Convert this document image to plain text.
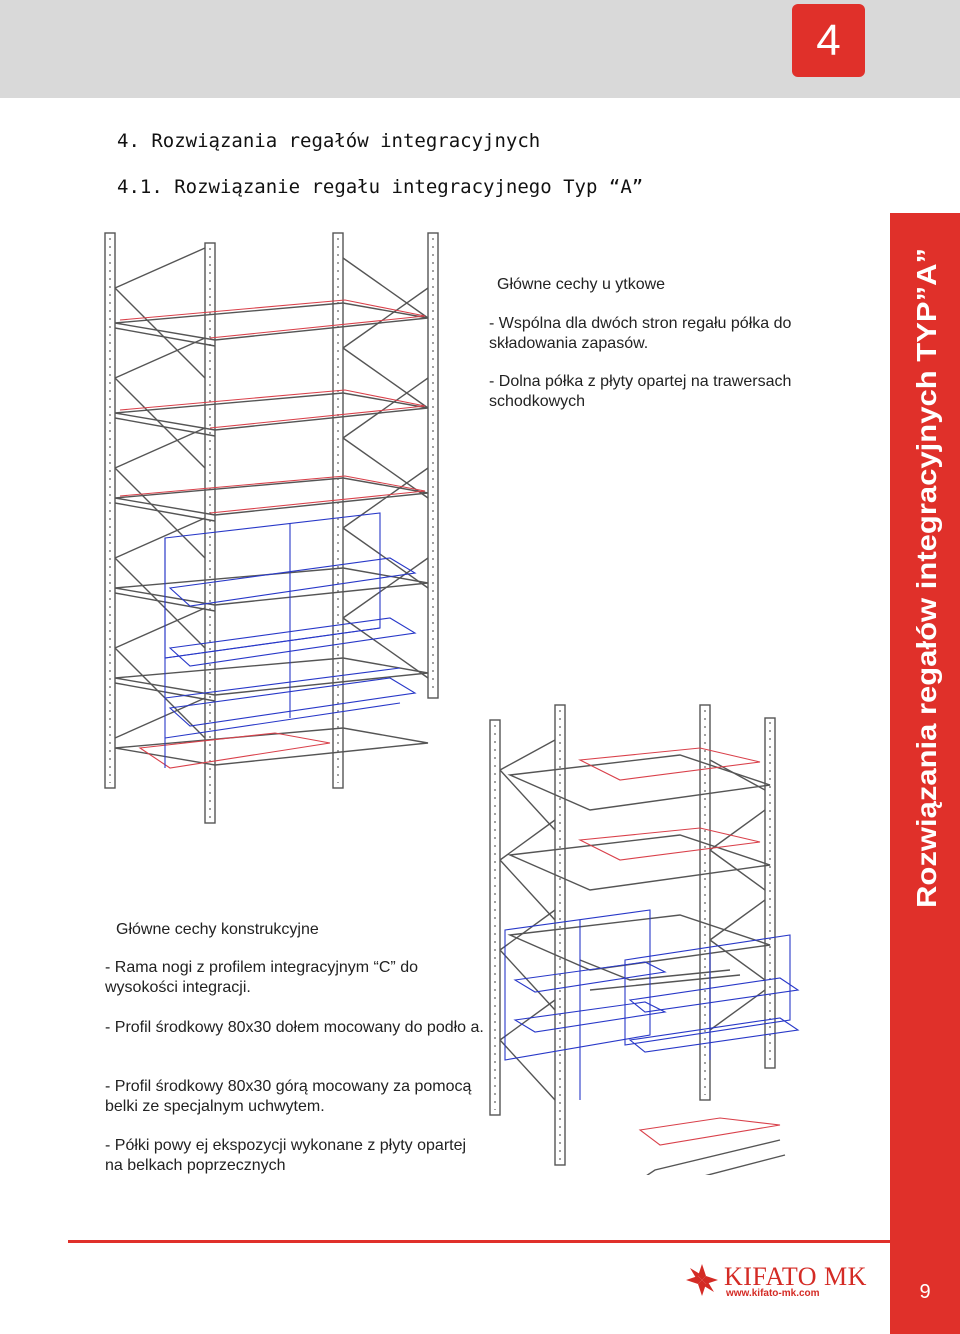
4
4. Rozwiązania regałów integracyjnych
4.1. Rozwiązanie regału integracyjnego Typ “A”
Główne cechy u ytkowe
- Wspólna dla dwóch stron regału półka do składowania zapasów.
- Dolna półka z płyty opartej na trawersach schodkowych
Główne cechy konstrukcyjne
- Rama nogi z profilem integracyjnym “C” do wysokości integracji.
- Profil środkowy 80x30 dołem mocowany do podło a.
- Profil środkowy 80x30 górą mocowany za pomocą belki ze specjalnym uchwytem.
- Półki powy ej ekspozycji wykonane z płyty opartej na belkach poprzecznych
Rozwiązania regałów integracyjnych TYP”A”
9
KIFATO MK
www.kifato-mk.com
